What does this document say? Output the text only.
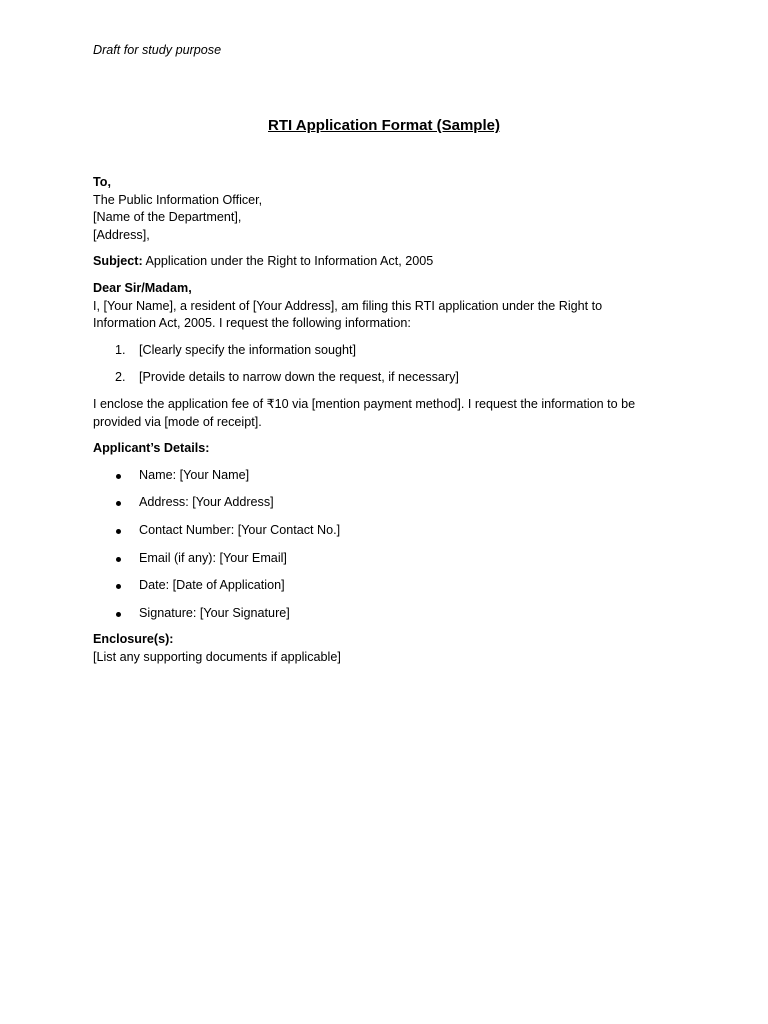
Draft for study purpose
RTI Application Format (Sample)
To,
The Public Information Officer,
[Name of the Department],
[Address],
Subject: Application under the Right to Information Act, 2005
Dear Sir/Madam,
I, [Your Name], a resident of [Your Address], am filing this RTI application under the Right to
Information Act, 2005. I request the following information:
1. [Clearly specify the information sought]
2. [Provide details to narrow down the request, if necessary]
I enclose the application fee of ₹10 via [mention payment method]. I request the information to be
provided via [mode of receipt].
Applicant’s Details:
Name: [Your Name]
Address: [Your Address]
Contact Number: [Your Contact No.]
Email (if any): [Your Email]
Date: [Date of Application]
Signature: [Your Signature]
Enclosure(s):
[List any supporting documents if applicable]
